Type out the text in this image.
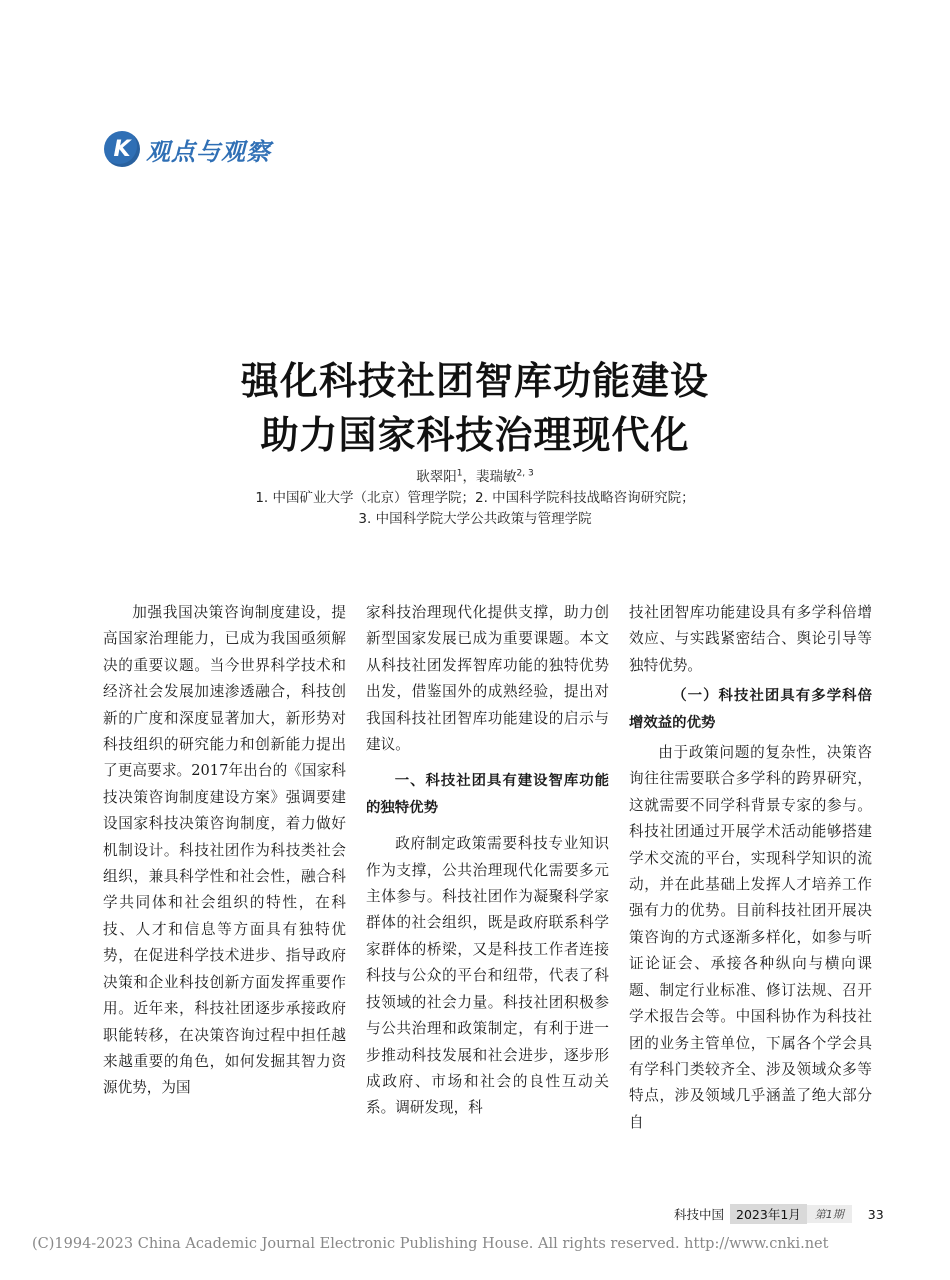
K 观点与观察
强化科技社团智库功能建设
助力国家科技治理现代化
耿翠阳$^1$，裴瑞敏$^{2, 3}$
1. 中国矿业大学（北京）管理学院；2. 中国科学院科技战略咨询研究院；
3. 中国科学院大学公共政策与管理学院

加强我国决策咨询制度建设，提高国家治理能力，已成为我国亟须解决的重要议题。当今世界科学技术和经济社会发展加速渗透融合，科技创新的广度和深度显著加大，新形势对科技组织的研究能力和创新能力提出了更高要求。2017年出台的《国家科技决策咨询制度建设方案》强调要建设国家科技决策咨询制度，着力做好机制设计。科技社团作为科技类社会组织，兼具科学性和社会性，融合科学共同体和社会组织的特性，在科技、人才和信息等方面具有独特优势，在促进科学技术进步、指导政府决策和企业科技创新方面发挥重要作用。近年来，科技社团逐步承接政府职能转移，在决策咨询过程中担任越来越重要的角色，如何发掘其智力资源优势，为国

家科技治理现代化提供支撑，助力创新型国家发展已成为重要课题。本文从科技社团发挥智库功能的独特优势出发，借鉴国外的成熟经验，提出对我国科技社团智库功能建设的启示与建议。

一、科技社团具有建设智库功能的独特优势

政府制定政策需要科技专业知识作为支撑，公共治理现代化需要多元主体参与。科技社团作为凝聚科学家群体的社会组织，既是政府联系科学家群体的桥梁，又是科技工作者连接科技与公众的平台和纽带，代表了科技领域的社会力量。科技社团积极参与公共治理和政策制定，有利于进一步推动科技发展和社会进步，逐步形成政府、市场和社会的良性互动关系。调研发现，科

技社团智库功能建设具有多学科倍增效应、与实践紧密结合、舆论引导等独特优势。

（一）科技社团具有多学科倍增效益的优势

由于政策问题的复杂性，决策咨询往往需要联合多学科的跨界研究，这就需要不同学科背景专家的参与。科技社团通过开展学术活动能够搭建学术交流的平台，实现科学知识的流动，并在此基础上发挥人才培养工作强有力的优势。目前科技社团开展决策咨询的方式逐渐多样化，如参与听证论证会、承接各种纵向与横向课题、制定行业标准、修订法规、召开学术报告会等。中国科协作为科技社团的业务主管单位，下属各个学会具有学科门类较齐全、涉及领域众多等特点，涉及领域几乎涵盖了绝大部分自

科技中国 2023年1月	第1期	33
(C)1994-2023 China Academic Journal Electronic Publishing House. All rights reserved. http://www.cnki.net
